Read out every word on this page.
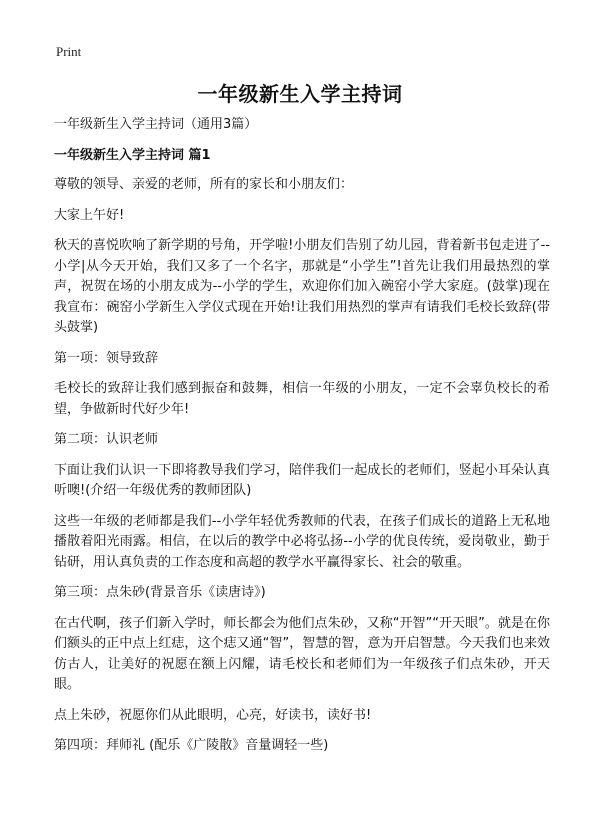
Print
一年级新生入学主持词

一年级新生入学主持词（通用3篇）

一年级新生入学主持词 篇1

尊敬的领导、亲爱的老师，所有的家长和小朋友们：

大家上午好!

秋天的喜悦吹响了新学期的号角，开学啦!小朋友们告别了幼儿园，背着新书包走进了--小学|从今天开始，我们又多了一个名字，那就是“小学生”!首先让我们用最热烈的掌声，祝贺在场的小朋友成为--小学的学生，欢迎你们加入碗窑小学大家庭。(鼓掌)现在我宣布：碗窑小学新生入学仪式现在开始!让我们用热烈的掌声有请我们毛校长致辞(带头鼓掌)

第一项：领导致辞

毛校长的致辞让我们感到振奋和鼓舞，相信一年级的小朋友，一定不会辜负校长的希望，争做新时代好少年!

第二项：认识老师

下面让我们认识一下即将教导我们学习，陪伴我们一起成长的老师们，竖起小耳朵认真听噢!(介绍一年级优秀的教师团队)

这些一年级的老师都是我们--小学年轻优秀教师的代表，在孩子们成长的道路上无私地播散着阳光雨露。相信，在以后的教学中必将弘扬--小学的优良传统，爱岗敬业，勤于钻研，用认真负责的工作态度和高超的教学水平赢得家长、社会的敬重。

第三项：点朱砂(背景音乐《读唐诗》)

在古代啊，孩子们新入学时，师长都会为他们点朱砂，又称“开智”“开天眼”。就是在你们额头的正中点上红痣，这个痣又通“智”，智慧的智，意为开启智慧。今天我们也来效仿古人，让美好的祝愿在额上闪耀，请毛校长和老师们为一年级孩子们点朱砂，开天眼。

点上朱砂，祝愿你们从此眼明，心亮，好读书，读好书!

第四项：拜师礼 (配乐《广陵散》音量调轻一些)
